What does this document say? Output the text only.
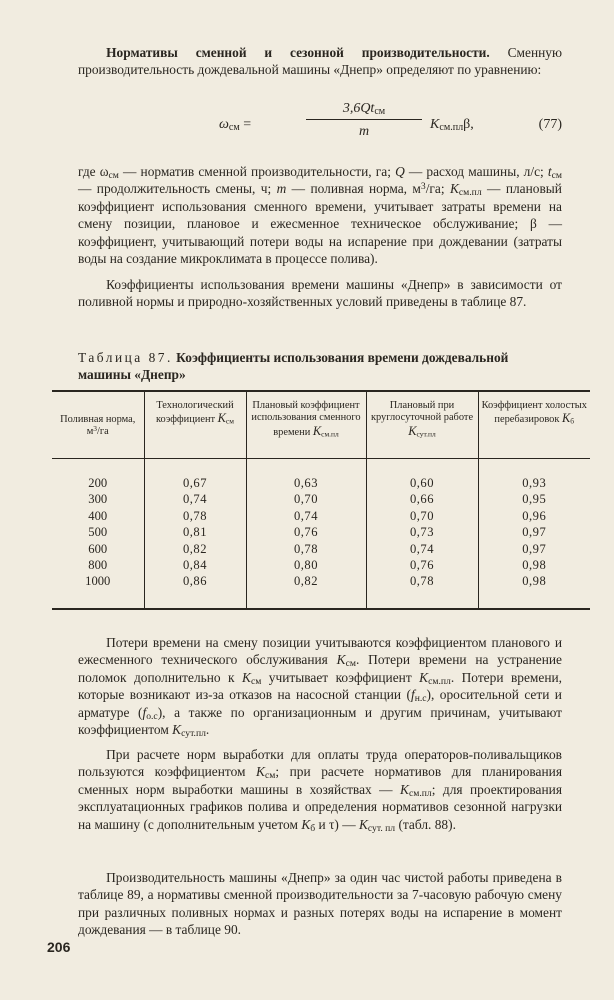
Нормативы сменной и сезонной производительности. Сменную производительность дождевальной машины «Днепр» определяют по уравнению:

$\omega_{см}$ =
$3,6Qt_{см}$
m	$K_{см.пл}\beta$,	(77)

где $\omega_{см}$ — норматив сменной производительности, га; Q — расход машины, л/с; $t_{см}$ — продолжительность смены, ч; m — поливная норма, $м^3/га$; $K_{см.пл}$ — плановый коэффициент использования сменного времени, учитывает затраты времени на смену позиции, плановое и ежесменное техническое обслуживание; β — коэффициент, учитывающий потери воды на испарение при дождевании (затраты воды на создание микроклимата в процессе полива).

Коэффициенты использования времени машины «Днепр» в зависимости от поливной нормы и природно-хозяйственных условий приведены в таблице 87.

Таблица 87. Коэффициенты использования времени дождевальной машины «Днепр»
Поливная норма, $м^3/га$	Технологический коэффициент $K_{см}$	Плановый коэффициент использования сменного времени $K_{см.пл}$	Плановый при круглосуточной работе $K_{сут.пл}$	Коэффициент холостых перебазировок $K_б$
200	0,67	0,63	0,60	0,93
300	0,74	0,70	0,66	0,95
400	0,78	0,74	0,70	0,96
500	0,81	0,76	0,73	0,97
600	0,82	0,78	0,74	0,97
800	0,84	0,80	0,76	0,98
1000	0,86	0,82	0,78	0,98

Потери времени на смену позиции учитываются коэффициентом планового и ежесменного технического обслуживания $K_{см}$. Потери времени на устранение поломок дополнительно к $K_{см}$ учитывает коэффициент $K_{см.пл}$. Потери времени, которые возникают из-за отказов на насосной станции $(f_{н.с})$, оросительной сети и арматуре $(f_{о.с})$, а также по организационным и другим причинам, учитывают коэффициентом $K_{сут.пл}$.

При расчете норм выработки для оплаты труда операторов-поливальщиков пользуются коэффициентом $K_{см}$; при расчете нормативов для планирования сменных норм выработки машины в хозяйствах — $K_{см.пл}$; для проектирования эксплуатационных графиков полива и определения нормативов сезонной нагрузки на машину (с дополнительным учетом $K_б$ и τ) — $K_{сут. пл}$ (табл. 88).

Производительность машины «Днепр» за один час чистой работы приведена в таблице 89, а нормативы сменной производительности за 7-часовую рабочую смену при различных поливных нормах и разных потерях воды на испарение в момент дождевания — в таблице 90.

206
